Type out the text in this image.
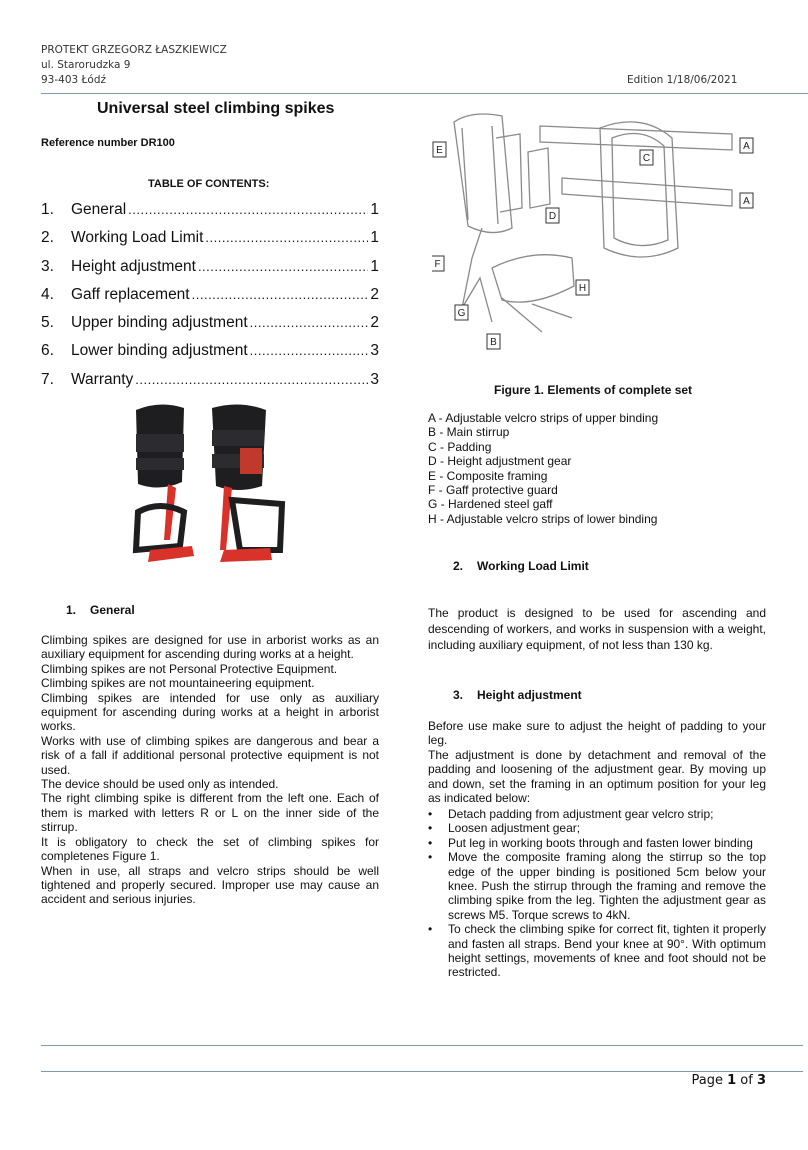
PROTEKT GRZEGORZ ŁASZKIEWICZ
ul. Starorudzka 9
93-403 Łódź	Edition 1/18/06/2021
Universal steel climbing spikes
Reference number DR100
TABLE OF CONTENTS:
1.	General .....	1
2.	Working Load Limit .....	1
3.	Height adjustment .....	1
4.	Gaff replacement .....	2
5.	Upper binding adjustment .....	2
6.	Lower binding adjustment .....	3
7.	Warranty .....	3
E	A
C
A
D
F
H
G
B
Figure 1. Elements of complete set
A - Adjustable velcro strips of upper binding
B - Main stirrup
C - Padding
D - Height adjustment gear
E - Composite framing
F - Gaff protective guard
G - Hardened steel gaff
H - Adjustable velcro strips of lower binding
1. General

Climbing spikes are designed for use in arborist works as an auxiliary equipment for ascending during works at a height.

Climbing spikes are not Personal Protective Equipment.

Climbing spikes are not mountaineering equipment.

Climbing spikes are intended for use only as auxiliary equipment for ascending during works at a height in arborist works.

Works with use of climbing spikes are dangerous and bear a risk of a fall if additional personal protective equipment is not used.

The device should be used only as intended.

The right climbing spike is different from the left one. Each of them is marked with letters R or L on the inner side of the stirrup.

It is obligatory to check the set of climbing spikes for completenes Figure 1.

When in use, all straps and velcro strips should be well tightened and properly secured. Improper use may cause an accident and serious injuries.

2. Working Load Limit

The product is designed to be used for ascending and descending of workers, and works in suspension with a weight, including auxiliary equipment, of not less than 130 kg.

3. Height adjustment

Before use make sure to adjust the height of padding to your leg.

The adjustment is done by detachment and removal of the padding and loosening of the adjustment gear. By moving up and down, set the framing in an optimum position for your leg as indicated below:

•	Detach padding from adjustment gear velcro strip;
•	Loosen adjustment gear;
•	Put leg in working boots through and fasten lower binding
•	Move the composite framing along the stirrup so the top edge of the upper binding is positioned 5cm below your knee. Push the stirrup through the framing and remove the climbing spike from the leg. Tighten the adjustment gear as screws M5. Torque screws to 4kN.
•	To check the climbing spike for correct fit, tighten it properly and fasten all straps. Bend your knee at 90°. With optimum height settings, movements of knee and foot should not be restricted.
Page 1 of 3
